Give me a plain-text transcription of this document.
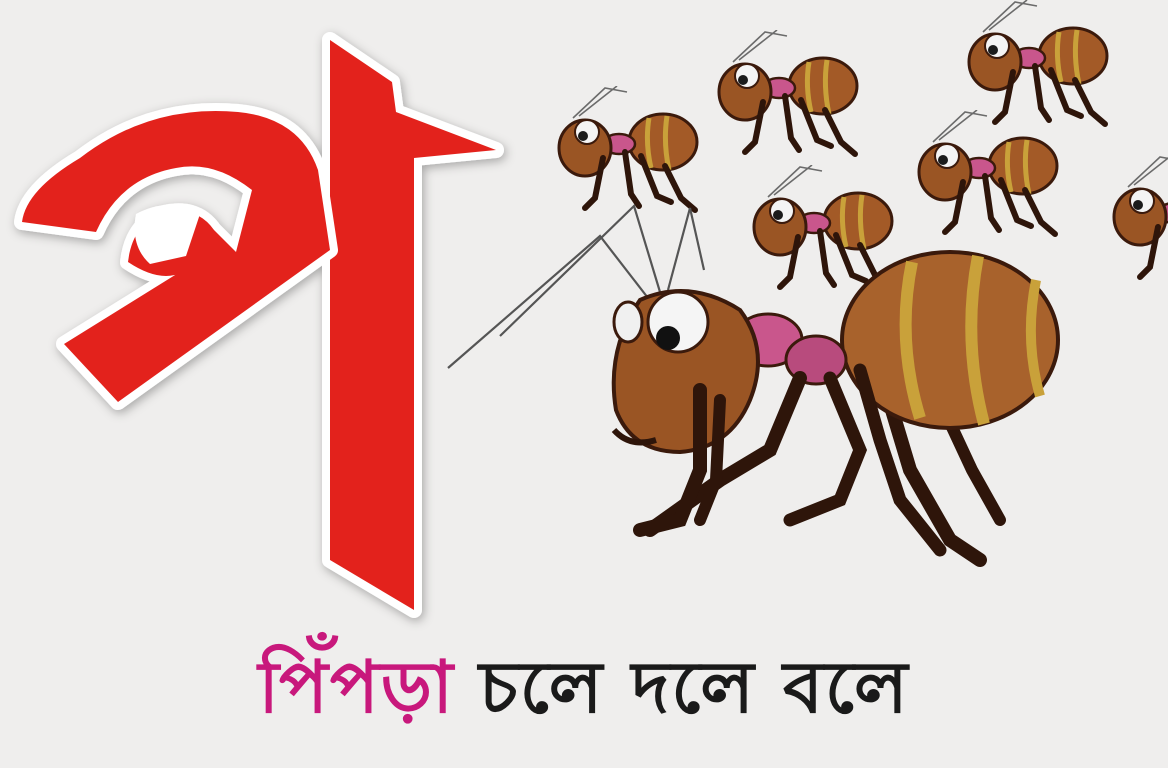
পিঁপড়া চলে দলে বলে
